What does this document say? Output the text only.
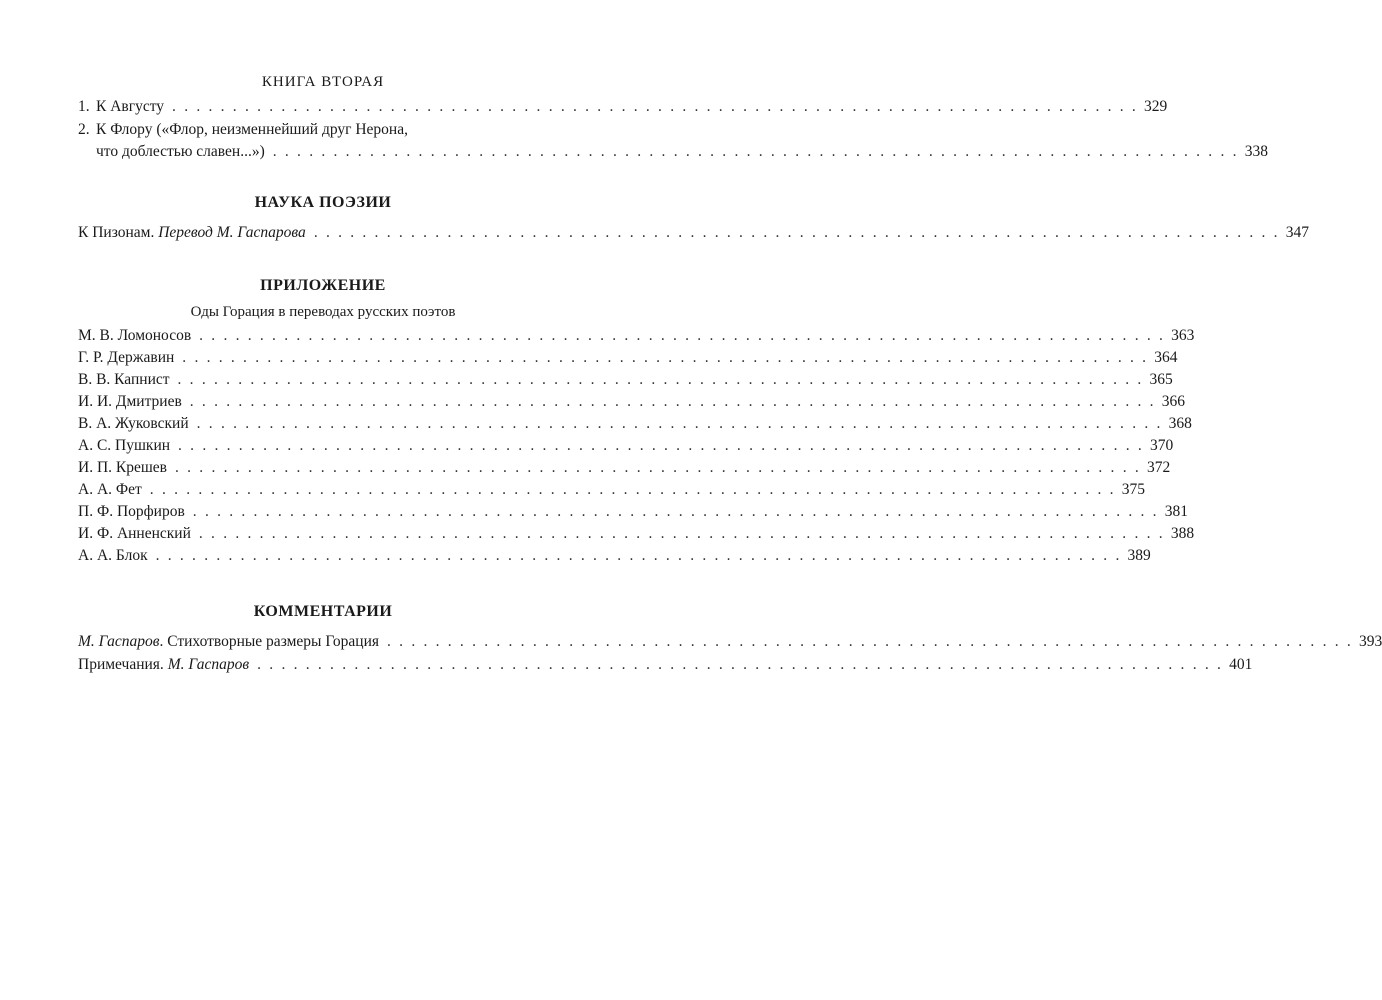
КНИГА ВТОРАЯ
1. К Августу . . . . . . . . . . . . . . . . . . . . . . . . . . . . . . . . . . . . . . . . . . . . . . . . . . . . . . . . . . . . . . . . . . . . . . . . . . . . . . . . 329
2. К Флору («Флор, неизменнейший друг Нерона,
что доблестью славен...») . . . . . . . . . . . . . . . . . . . . . . . . . . . . . . . . . . . . . . . . . . . . . . . . . . . . . . . . . . . . . . . . . . . . . . . . . . . . . . . . 338
НАУКА ПОЭЗИИ
К Пизонам. Перевод М. Гаспарова . . . . . . . . . . . . . . . . . . . . . . . . . . . . . . . . . . . . . . . . . . . . . . . . . . . . . . . . . . . . . . . . . . . . . . . . . . . . . . . . 347
ПРИЛОЖЕНИЕ
Оды Горация в переводах русских поэтов
М. В. Ломоносов . . . . . . . . . . . . . . . . . . . . . . . . . . . . . . . . . . . . . . . . . . . . . . . . . . . . . . . . . . . . . . . . . . . . . . . . . . . . . . . . 363
Г. Р. Державин . . . . . . . . . . . . . . . . . . . . . . . . . . . . . . . . . . . . . . . . . . . . . . . . . . . . . . . . . . . . . . . . . . . . . . . . . . . . . . . . 364
В. В. Капнист . . . . . . . . . . . . . . . . . . . . . . . . . . . . . . . . . . . . . . . . . . . . . . . . . . . . . . . . . . . . . . . . . . . . . . . . . . . . . . . . 365
И. И. Дмитриев . . . . . . . . . . . . . . . . . . . . . . . . . . . . . . . . . . . . . . . . . . . . . . . . . . . . . . . . . . . . . . . . . . . . . . . . . . . . . . . . 366
В. А. Жуковский . . . . . . . . . . . . . . . . . . . . . . . . . . . . . . . . . . . . . . . . . . . . . . . . . . . . . . . . . . . . . . . . . . . . . . . . . . . . . . . . 368
А. С. Пушкин . . . . . . . . . . . . . . . . . . . . . . . . . . . . . . . . . . . . . . . . . . . . . . . . . . . . . . . . . . . . . . . . . . . . . . . . . . . . . . . . 370
И. П. Крешев . . . . . . . . . . . . . . . . . . . . . . . . . . . . . . . . . . . . . . . . . . . . . . . . . . . . . . . . . . . . . . . . . . . . . . . . . . . . . . . . 372
А. А. Фет . . . . . . . . . . . . . . . . . . . . . . . . . . . . . . . . . . . . . . . . . . . . . . . . . . . . . . . . . . . . . . . . . . . . . . . . . . . . . . . . 375
П. Ф. Порфиров . . . . . . . . . . . . . . . . . . . . . . . . . . . . . . . . . . . . . . . . . . . . . . . . . . . . . . . . . . . . . . . . . . . . . . . . . . . . . . . . 381
И. Ф. Анненский . . . . . . . . . . . . . . . . . . . . . . . . . . . . . . . . . . . . . . . . . . . . . . . . . . . . . . . . . . . . . . . . . . . . . . . . . . . . . . . . 388
А. А. Блок . . . . . . . . . . . . . . . . . . . . . . . . . . . . . . . . . . . . . . . . . . . . . . . . . . . . . . . . . . . . . . . . . . . . . . . . . . . . . . . . 389
КОММЕНТАРИИ
М. Гаспаров. Стихотворные размеры Горация . . . . . . . . . . . . . . . . . . . . . . . . . . . . . . . . . . . . . . . . . . . . . . . . . . . . . . . . . . . . . . . . . . . . . . . . . . . . . . . . 393
Примечания. М. Гаспаров . . . . . . . . . . . . . . . . . . . . . . . . . . . . . . . . . . . . . . . . . . . . . . . . . . . . . . . . . . . . . . . . . . . . . . . . . . . . . . . . 401
